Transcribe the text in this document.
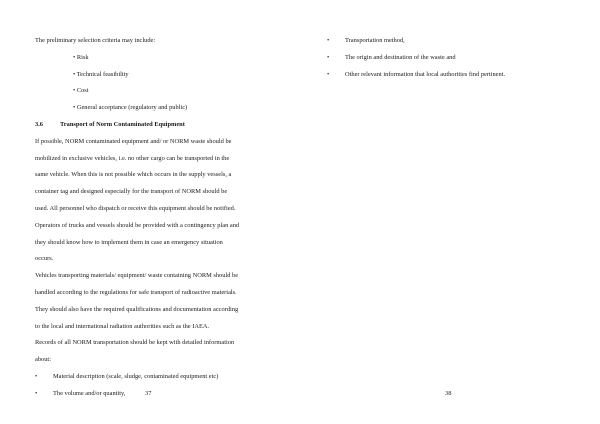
The preliminary selection criteria may include:

• Risk

• Technical feasibility

• Cost

• General acceptance (regulatory and public)

3.6	Transport of Norm Contaminated Equipment

If possible, NORM contaminated equipment and/ or NORM waste should be

mobilized in exclusive vehicles, i.e. no other cargo can be transported in the

same vehicle. When this is not possible which occurs in the supply vessels, a

container tag and designed especially for the transport of NORM should be

used. All personnel who dispatch or receive this equipment should be notified.

Operators of trucks and vessels should be provided with a contingency plan and

they should know how to implement them in case an emergency situation

occurs.

Vehicles transporting materials/ equipment/ waste containing NORM should be

handled according to the regulations for safe transport of radioactive materials.

They should also have the required qualifications and documentation according

to the local and international radiation authorities such as the IAEA.

Records of all NORM transportation should be kept with detailed information

about:

• Material description (scale, sludge, contaminated equipment etc)

• The volume and/or quantity,	37

• Transportation method,

• The origin and destination of the waste and

• Other relevant information that local authorities find pertinent.

38
